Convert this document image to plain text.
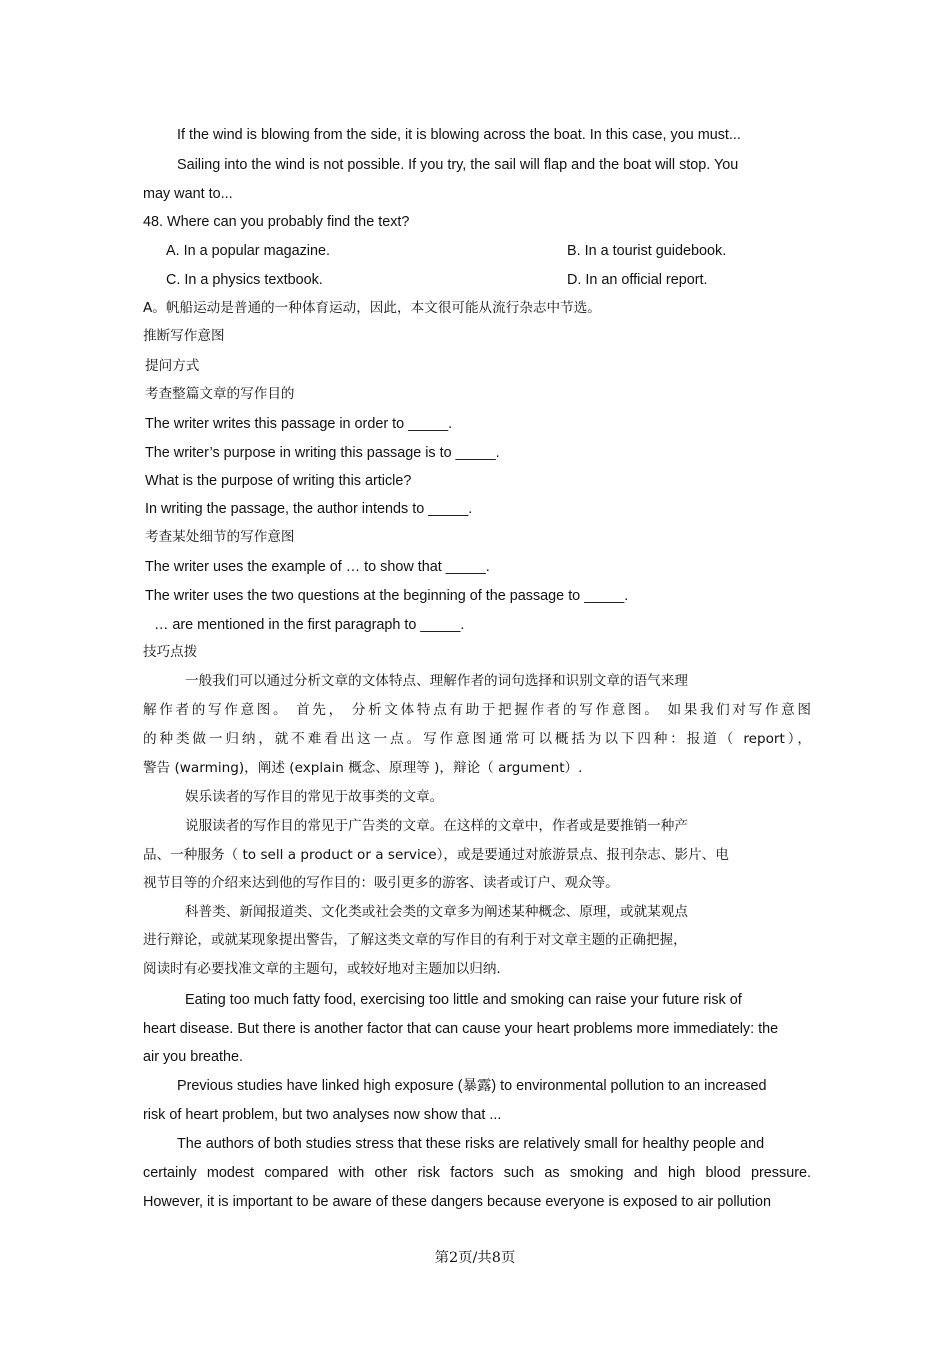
If the wind is blowing from the side, it is blowing across the boat. In this case, you must...
Sailing into the wind is not possible. If you try, the sail will flap and the boat will stop. You
may want to...
48. Where can you probably find the text?
A. In a popular magazine.	B. In a tourist guidebook.
C. In a physics textbook.	D. In an official report.
A。帆船运动是普通的一种体育运动，因此，本文很可能从流行杂志中节选。
推断写作意图
提问方式
考查整篇文章的写作目的
The writer writes this passage in order to _____.
The writer’s purpose in writing this passage is to _____.
What is the purpose of writing this article?
In writing the passage, the author intends to _____.
考查某处细节的写作意图
The writer uses the example of … to show that _____.
The writer uses the two questions at the beginning of the passage to _____.
… are mentioned in the first paragraph to _____.
技巧点拨
一般我们可以通过分析文章的文体特点、理解作者的词句选择和识别文章的语气来理
解作者的写作意图。 首先， 分析文体特点有助于把握作者的写作意图。 如果我们对写作意图
的种类做一归纳，就不难看出这一点。写作意图通常可以概括为以下四种：报道（ report），
警告 (warming)，阐述 (explain 概念、原理等 )，辩论（ argument）.
娱乐读者的写作目的常见于故事类的文章。
说服读者的写作目的常见于广告类的文章。在这样的文章中，作者或是要推销一种产
品、一种服务（ to sell a product or a service），或是要通过对旅游景点、报刊杂志、影片、电
视节目等的介绍来达到他的写作目的：吸引更多的游客、读者或订户、观众等。
科普类、新闻报道类、文化类或社会类的文章多为阐述某种概念、原理，或就某观点
进行辩论，或就某现象提出警告，了解这类文章的写作目的有利于对文章主题的正确把握，
阅读时有必要找准文章的主题句，或较好地对主题加以归纳.
Eating too much fatty food, exercising too little and smoking can raise your future risk of
heart disease. But there is another factor that can cause your heart problems more immediately: the
air you breathe.
Previous studies have linked high exposure (暴露) to environmental pollution to an increased
risk of heart problem, but two analyses now show that ...
The authors of both studies stress that these risks are relatively small for healthy people and
certainly modest compared with other risk factors such as smoking and high blood pressure.
However, it is important to be aware of these dangers because everyone is exposed to air pollution
第2页/共8页
